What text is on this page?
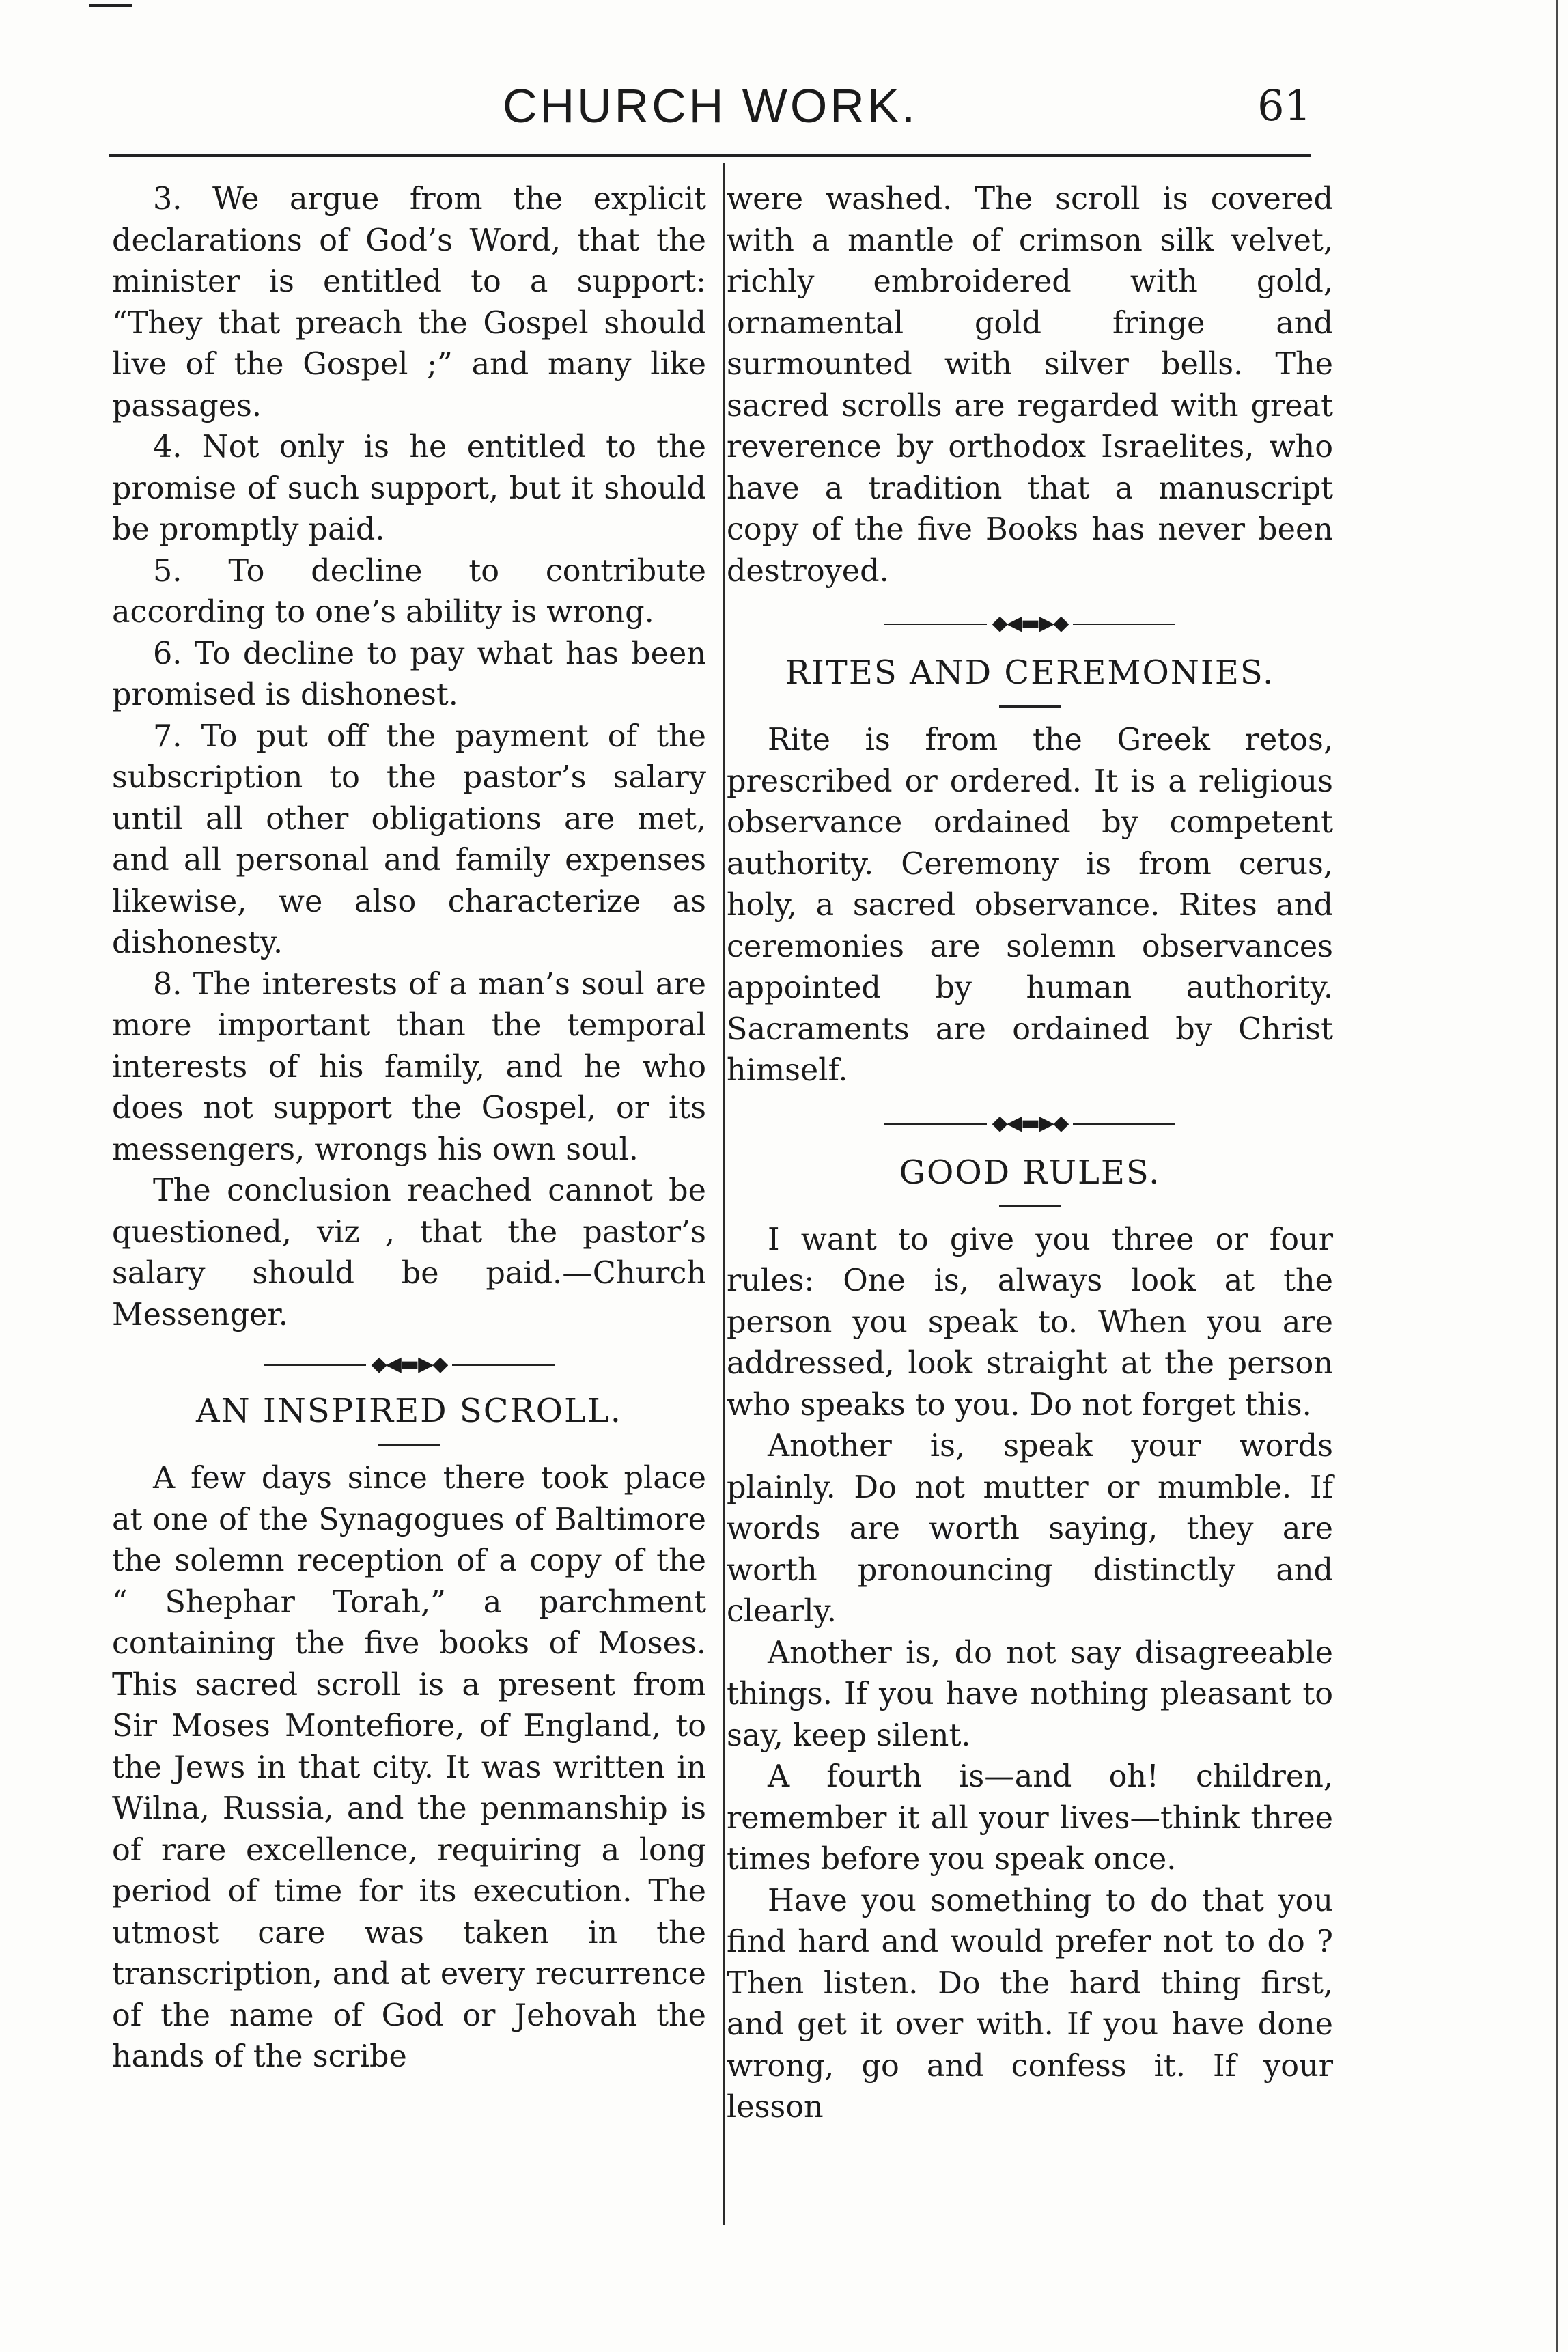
CHURCH WORK.	61

3. We argue from the explicit declarations of God’s Word, that the minister is entitled to a support: “They that preach the Gospel should live of the Gospel ;” and many like passages.

4. Not only is he entitled to the promise of such support, but it should be promptly paid.

5. To decline to contribute according to one’s ability is wrong.

6. To decline to pay what has been promised is dishonest.

7. To put off the payment of the subscription to the pastor’s salary until all other obligations are met, and all personal and family expenses likewise, we also characterize as dishonesty.

8. The interests of a man’s soul are more important than the temporal interests of his family, and he who does not support the Gospel, or its messengers, wrongs his own soul.

The conclusion reached cannot be questioned, viz , that the pastor’s salary should be paid.—Church Messenger.

◆◀▬▶◆
AN INSPIRED SCROLL.

A few days since there took place at one of the Synagogues of Baltimore the solemn reception of a copy of the “ Shephar Torah,” a parchment containing the five books of Moses. This sacred scroll is a present from Sir Moses Montefiore, of England, to the Jews in that city. It was written in Wilna, Russia, and the penmanship is of rare excellence, requiring a long period of time for its execution. The utmost care was taken in the transcription, and at every recurrence of the name of God or Jehovah the hands of the scribe

were washed. The scroll is covered with a mantle of crimson silk velvet, richly embroidered with gold, ornamental gold fringe and surmounted with silver bells. The sacred scrolls are regarded with great reverence by orthodox Israelites, who have a tradition that a manuscript copy of the five Books has never been destroyed.

◆◀▬▶◆
RITES AND CEREMONIES.

Rite is from the Greek retos, prescribed or ordered. It is a religious observance ordained by competent authority. Ceremony is from cerus, holy, a sacred observance. Rites and ceremonies are solemn observances appointed by human authority. Sacraments are ordained by Christ himself.

◆◀▬▶◆
GOOD RULES.

I want to give you three or four rules: One is, always look at the person you speak to. When you are addressed, look straight at the person who speaks to you. Do not forget this.

Another is, speak your words plainly. Do not mutter or mumble. If words are worth saying, they are worth pronouncing distinctly and clearly.

Another is, do not say disagreeable things. If you have nothing pleasant to say, keep silent.

A fourth is—and oh! children, remember it all your lives—think three times before you speak once.

Have you something to do that you find hard and would prefer not to do ? Then listen. Do the hard thing first, and get it over with. If you have done wrong, go and confess it. If your lesson
